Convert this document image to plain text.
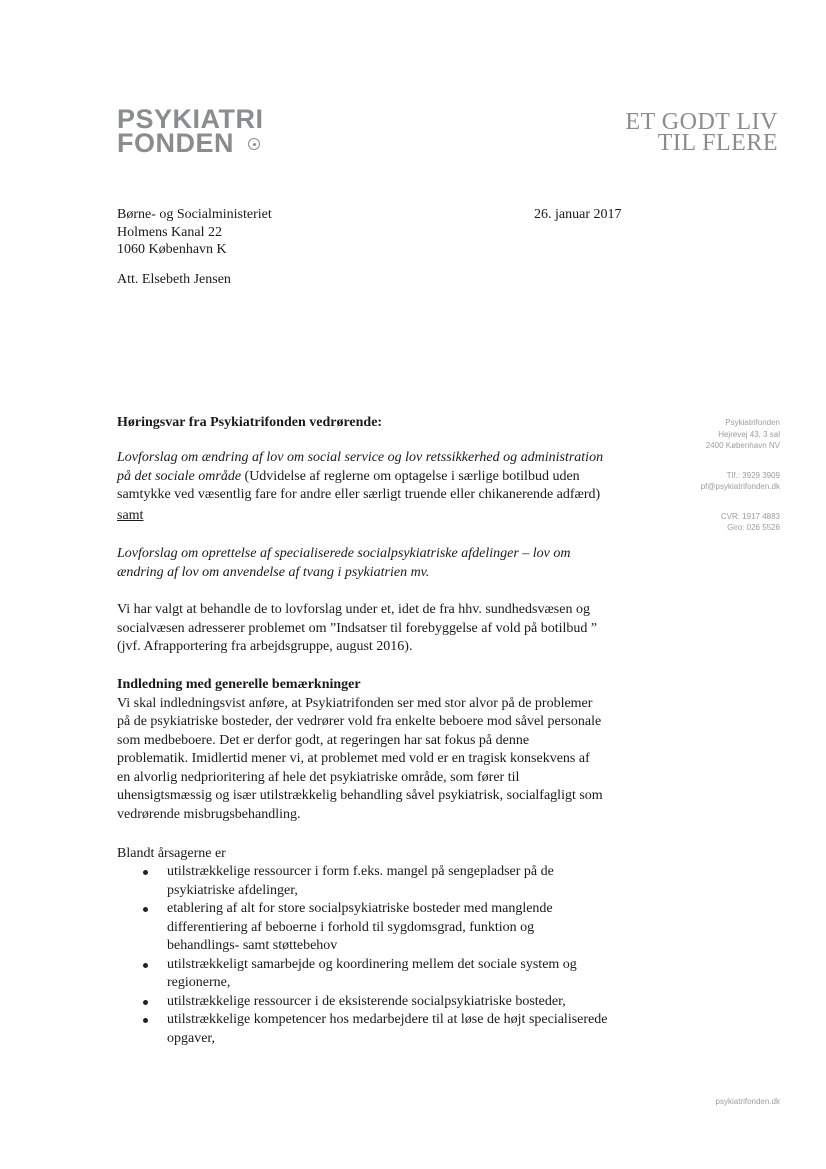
PSYKIATRI
FONDEN
ET GODT LIV
TIL FLERE
Børne- og Socialministeriet
Holmens Kanal 22
1060 København K
Att. Elsebeth Jensen
26. januar 2017
Psykiatrifonden
Hejrevej 43, 3 sal
2400 København NV
Tlf.: 3929 3909
pf@psykiatrifonden.dk
CVR: 1917 4883
Giro: 026 5526
Høringsvar fra Psykiatrifonden vedrørende:
Lovforslag om ændring af lov om social service og lov retssikkerhed og administration
på det sociale område (Udvidelse af reglerne om optagelse i særlige botilbud uden
samtykke ved væsentlig fare for andre eller særligt truende eller chikanerende adfærd)
samt
Lovforslag om oprettelse af specialiserede socialpsykiatriske afdelinger – lov om
ændring af lov om anvendelse af tvang i psykiatrien mv.
Vi har valgt at behandle de to lovforslag under et, idet de fra hhv. sundhedsvæsen og
socialvæsen adresserer problemet om ”Indsatser til forebyggelse af vold på botilbud ”
(jvf. Afrapportering fra arbejdsgruppe, august 2016).
Indledning med generelle bemærkninger
Vi skal indledningsvist anføre, at Psykiatrifonden ser med stor alvor på de problemer
på de psykiatriske bosteder, der vedrører vold fra enkelte beboere mod såvel personale
som medbeboere. Det er derfor godt, at regeringen har sat fokus på denne
problematik. Imidlertid mener vi, at problemet med vold er en tragisk konsekvens af
en alvorlig nedprioritering af hele det psykiatriske område, som fører til
uhensigtsmæssig og især utilstrækkelig behandling såvel psykiatrisk, socialfagligt som
vedrørende misbrugsbehandling.
Blandt årsagerne er
utilstrækkelige ressourcer i form f.eks. mangel på sengepladser på de
psykiatriske afdelinger,
etablering af alt for store socialpsykiatriske bosteder med manglende
differentiering af beboerne i forhold til sygdomsgrad, funktion og
behandlings- samt støttebehov
utilstrækkeligt samarbejde og koordinering mellem det sociale system og
regionerne,
utilstrækkelige ressourcer i de eksisterende socialpsykiatriske bosteder,
utilstrækkelige kompetencer hos medarbejdere til at løse de højt specialiserede
opgaver,
psykiatrifonden.dk
